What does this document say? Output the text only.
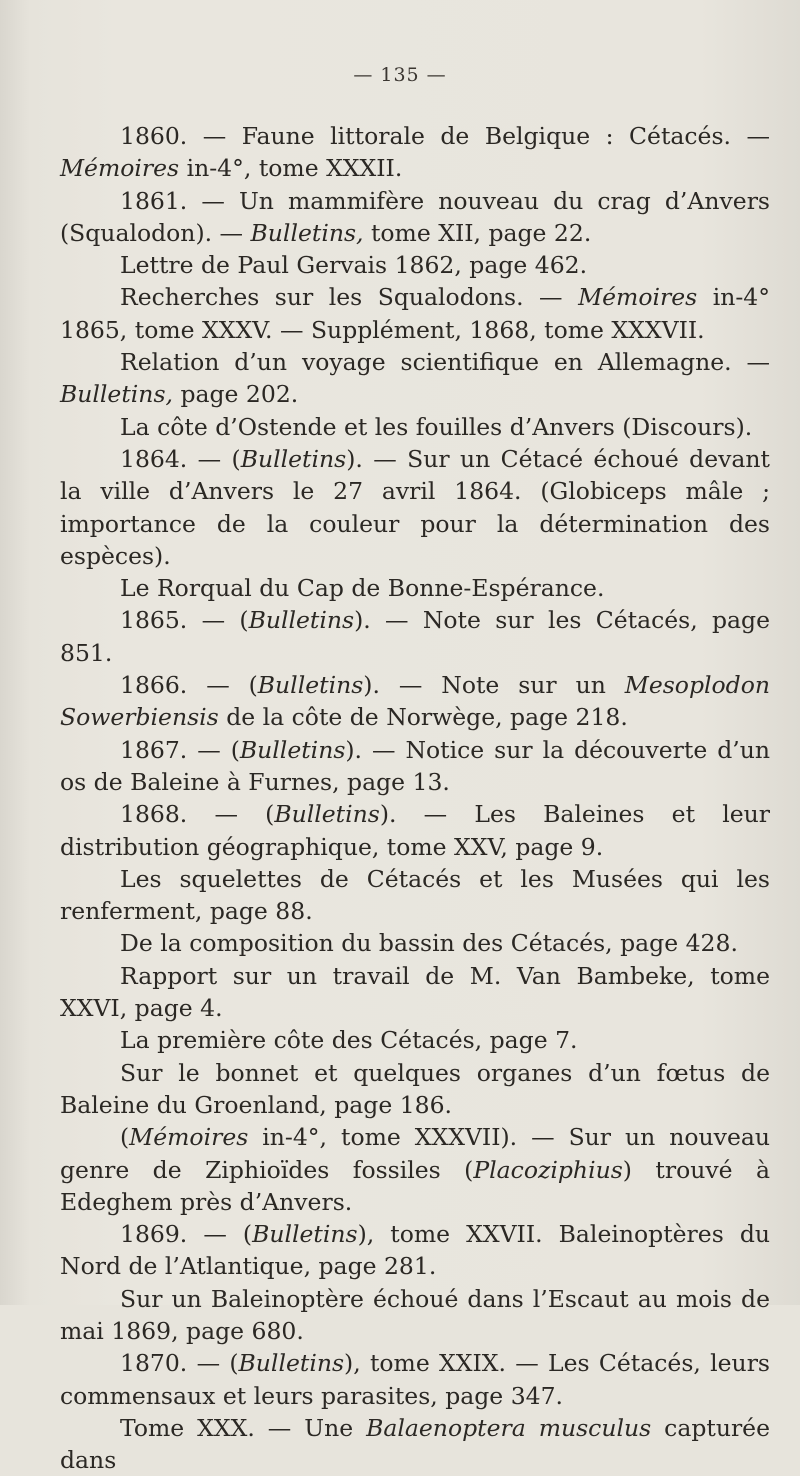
— 135 —

1860. — Faune littorale de Belgique : Cétacés. — Mémoires in-4°, tome XXXII.

1861. — Un mammifère nouveau du crag d’Anvers (Squalodon). — Bulletins, tome XII, page 22.

Lettre de Paul Gervais 1862, page 462.

Recherches sur les Squalodons. — Mémoires in-4° 1865, tome XXXV. — Supplément, 1868, tome XXXVII.

Relation d’un voyage scientifique en Allemagne. — Bulletins, page 202.

La côte d’Ostende et les fouilles d’Anvers (Discours).

1864. — (Bulletins). — Sur un Cétacé échoué devant la ville d’Anvers le 27 avril 1864. (Globiceps mâle ; importance de la couleur pour la détermination des espèces).

Le Rorqual du Cap de Bonne-Espérance.

1865. — (Bulletins). — Note sur les Cétacés, page 851.

1866. — (Bulletins). — Note sur un Mesoplodon Sowerbiensis de la côte de Norwège, page 218.

1867. — (Bulletins). — Notice sur la découverte d’un os de Baleine à Furnes, page 13.

1868. — (Bulletins). — Les Baleines et leur distribution géographique, tome XXV, page 9.

Les squelettes de Cétacés et les Musées qui les renferment, page 88.

De la composition du bassin des Cétacés, page 428.

Rapport sur un travail de M. Van Bambeke, tome XXVI, page 4.

La première côte des Cétacés, page 7.

Sur le bonnet et quelques organes d’un fœtus de Baleine du Groenland, page 186.

(Mémoires in-4°, tome XXXVII). — Sur un nouveau genre de Ziphioïdes fossiles (Placoziphius) trouvé à Edeghem près d’Anvers.

1869. — (Bulletins), tome XXVII. Baleinoptères du Nord de l’Atlantique, page 281.

Sur un Baleinoptère échoué dans l’Escaut au mois de mai 1869, page 680.

1870. — (Bulletins), tome XXIX. — Les Cétacés, leurs commensaux et leurs parasites, page 347.

Tome XXX. — Une Balaenoptera musculus capturée dans
